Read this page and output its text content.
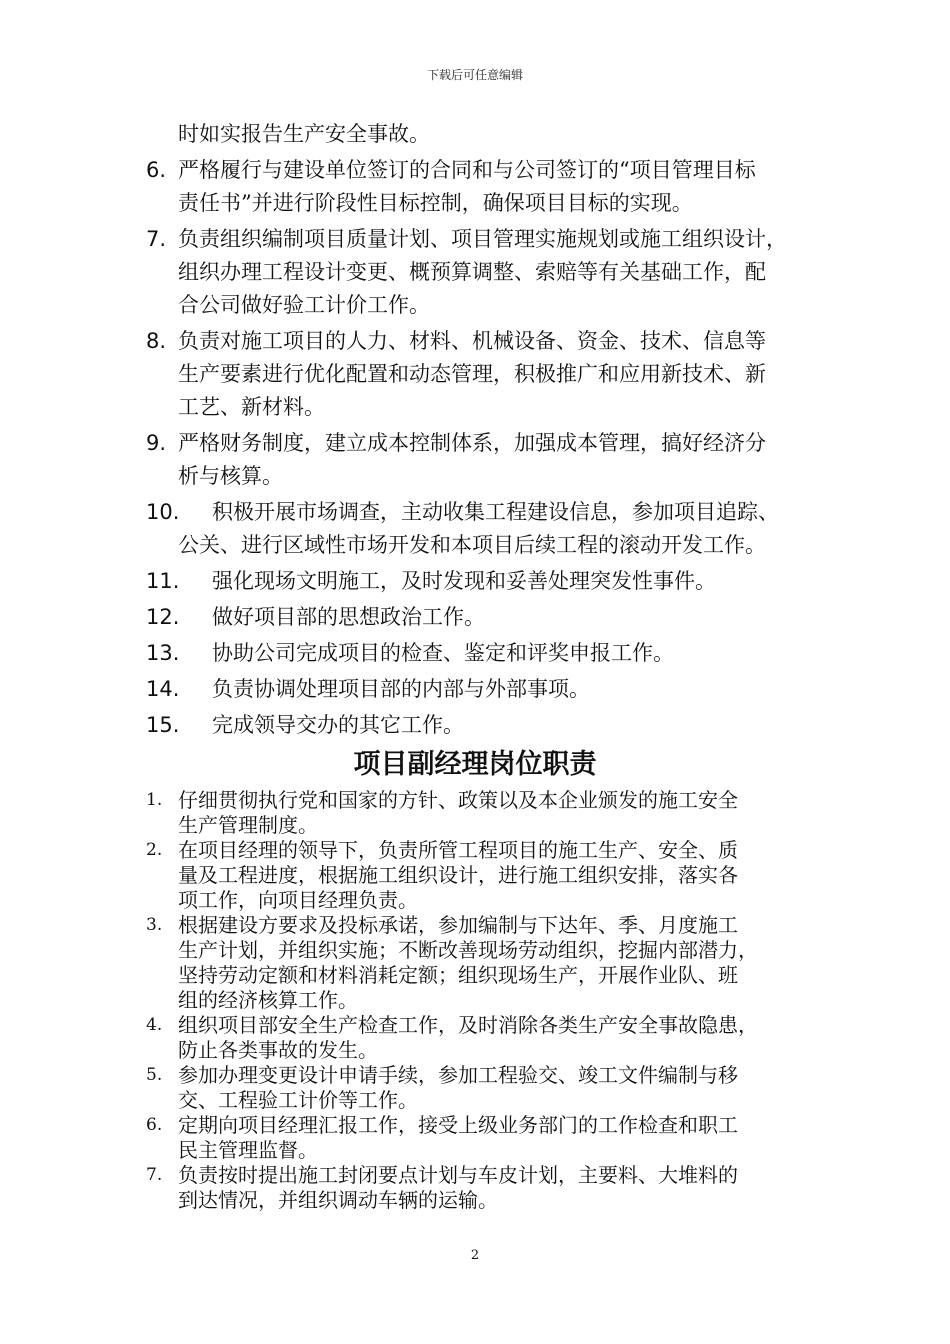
下载后可任意编辑
时如实报告生产安全事故。
6. 严格履行与建设单位签订的合同和与公司签订的“项目管理目标
责任书”并进行阶段性目标控制，确保项目目标的实现。
7. 负责组织编制项目质量计划、项目管理实施规划或施工组织设计，
组织办理工程设计变更、概预算调整、索赔等有关基础工作，配
合公司做好验工计价工作。
8. 负责对施工项目的人力、材料、机械设备、资金、技术、信息等
生产要素进行优化配置和动态管理，积极推广和应用新技术、新
工艺、新材料。
9. 严格财务制度，建立成本控制体系，加强成本管理，搞好经济分
析与核算。
10. 积极开展市场调查，主动收集工程建设信息，参加项目追踪、
公关、进行区域性市场开发和本项目后续工程的滚动开发工作。
11. 强化现场文明施工，及时发现和妥善处理突发性事件。
12. 做好项目部的思想政治工作。
13. 协助公司完成项目的检查、鉴定和评奖申报工作。
14. 负责协调处理项目部的内部与外部事项。
15. 完成领导交办的其它工作。
项目副经理岗位职责
1. 仔细贯彻执行党和国家的方针、政策以及本企业颁发的施工安全
生产管理制度。
2. 在项目经理的领导下，负责所管工程项目的施工生产、安全、质
量及工程进度，根据施工组织设计，进行施工组织安排，落实各
项工作，向项目经理负责。
3. 根据建设方要求及投标承诺，参加编制与下达年、季、月度施工
生产计划，并组织实施；不断改善现场劳动组织，挖掘内部潜力，
坚持劳动定额和材料消耗定额；组织现场生产，开展作业队、班
组的经济核算工作。
4. 组织项目部安全生产检查工作，及时消除各类生产安全事故隐患，
防止各类事故的发生。
5. 参加办理变更设计申请手续，参加工程验交、竣工文件编制与移
交、工程验工计价等工作。
6. 定期向项目经理汇报工作，接受上级业务部门的工作检查和职工
民主管理监督。
7. 负责按时提出施工封闭要点计划与车皮计划，主要料、大堆料的
到达情况，并组织调动车辆的运输。
2
